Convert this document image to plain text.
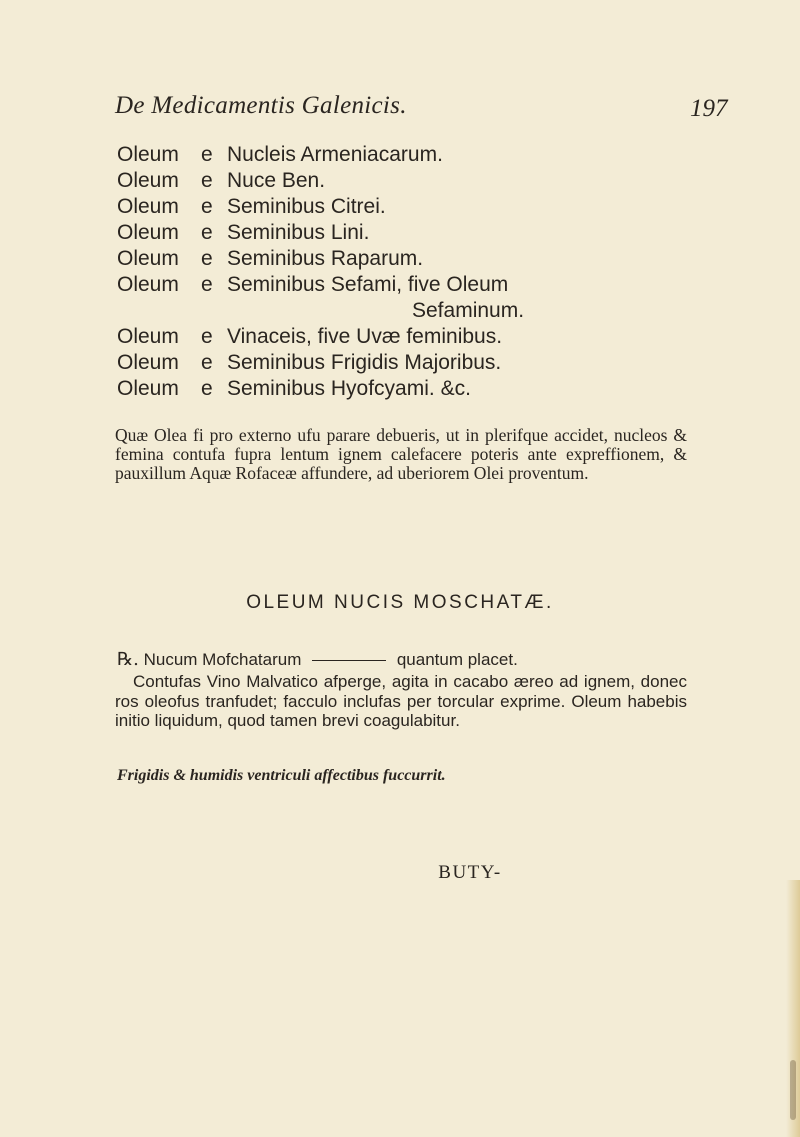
De Medicamentis Galenicis.	197
Oleum	e Nucleis Armeniacarum.
Oleum	e Nuce Ben.
Oleum	e Seminibus Citrei.
Oleum	e Seminibus Lini.
Oleum	e Seminibus Raparum.
Oleum	e Seminibus Sefami, five Oleum
Sefaminum.
Oleum	e Vinaceis, five Uvæ feminibus.
Oleum	e Seminibus Frigidis Majoribus.
Oleum	e Seminibus Hyofcyami. &c.

Quæ Olea fi pro externo ufu parare debueris, ut in plerifque accidet, nucleos & femina contufa fupra lentum ignem calefacere poteris ante expreffionem, & pauxillum Aquæ Rofaceæ affundere, ad uberiorem Olei proventum.

OLEUM NUCIS MOSCHATÆ.
℞. Nucum Mofchatarum	quantum placet.

Contufas Vino Malvatico afperge, agita in cacabo æreo ad ignem, donec ros oleofus tranfudet; facculo inclufas per torcular exprime. Oleum habebis initio liquidum, quod tamen brevi coagulabitur.

Frigidis & humidis ventriculi affectibus fuccurrit.
BUTY-
